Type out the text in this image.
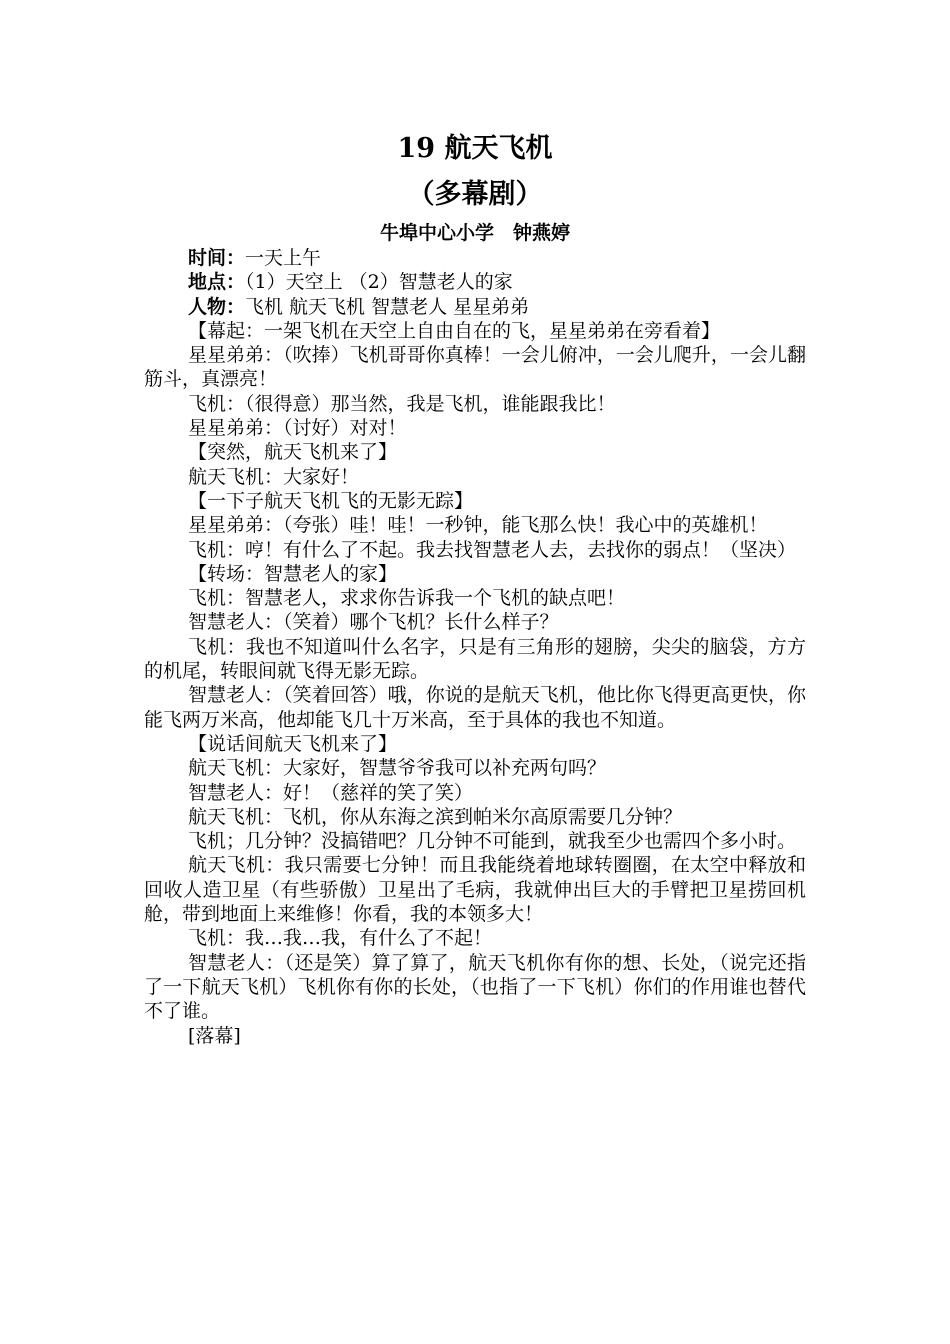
19 航天飞机
（多幕剧）
牛埠中心小学　钟燕婷

时间：一天上午

地点：（1）天空上 （2）智慧老人的家

人物：飞机 航天飞机 智慧老人 星星弟弟

【幕起：一架飞机在天空上自由自在的飞，星星弟弟在旁看着】

星星弟弟：（吹捧）飞机哥哥你真棒！一会儿俯冲，一会儿爬升，一会儿翻筋斗，真漂亮！

飞机：（很得意）那当然，我是飞机，谁能跟我比！

星星弟弟：（讨好）对对！

【突然，航天飞机来了】

航天飞机：大家好！

【一下子航天飞机飞的无影无踪】

星星弟弟：（夸张）哇！哇！一秒钟，能飞那么快！我心中的英雄机！

飞机：哼！有什么了不起。我去找智慧老人去，去找你的弱点！（坚决）

【转场：智慧老人的家】

飞机：智慧老人，求求你告诉我一个飞机的缺点吧！

智慧老人：（笑着）哪个飞机？长什么样子？

飞机：我也不知道叫什么名字，只是有三角形的翅膀，尖尖的脑袋，方方的机尾，转眼间就飞得无影无踪。

智慧老人：（笑着回答）哦，你说的是航天飞机，他比你飞得更高更快，你能飞两万米高，他却能飞几十万米高，至于具体的我也不知道。

【说话间航天飞机来了】

航天飞机：大家好，智慧爷爷我可以补充两句吗？

智慧老人：好！（慈祥的笑了笑）

航天飞机：飞机，你从东海之滨到帕米尔高原需要几分钟？

飞机；几分钟？没搞错吧？几分钟不可能到，就我至少也需四个多小时。

航天飞机：我只需要七分钟！而且我能绕着地球转圈圈，在太空中释放和回收人造卫星（有些骄傲）卫星出了毛病，我就伸出巨大的手臂把卫星捞回机舱，带到地面上来维修！你看，我的本领多大！

飞机：我…我…我，有什么了不起！

智慧老人：（还是笑）算了算了，航天飞机你有你的想、长处，（说完还指了一下航天飞机）飞机你有你的长处，（也指了一下飞机）你们的作用谁也替代不了谁。

[落幕]
